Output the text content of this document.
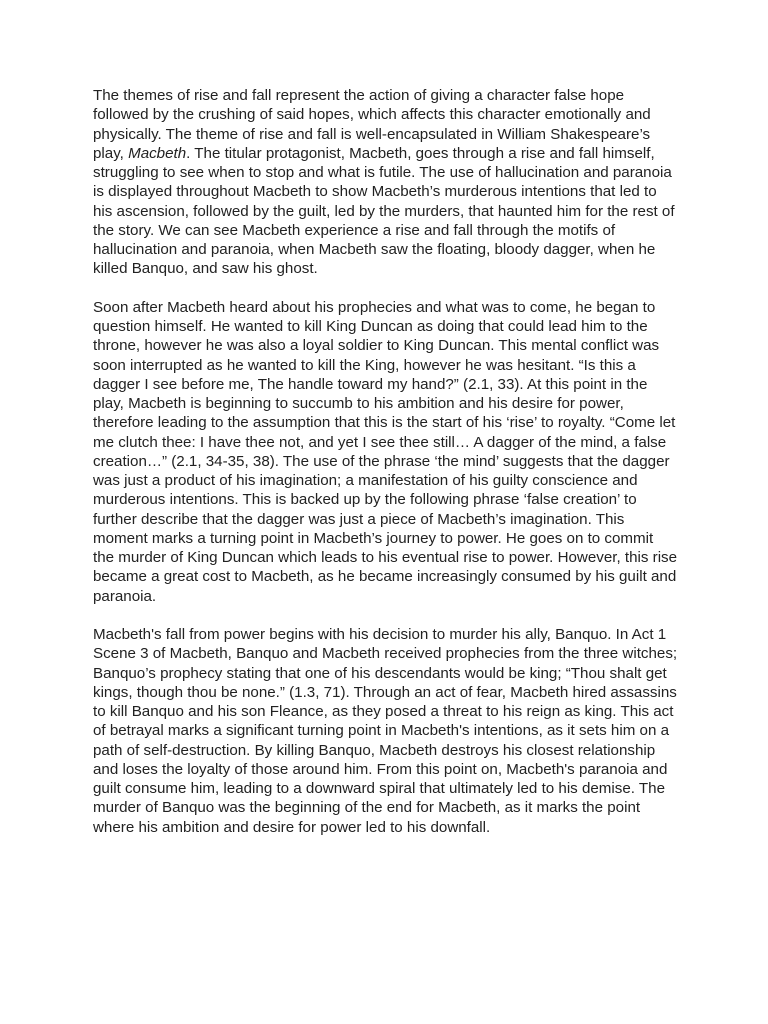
The themes of rise and fall represent the action of giving a character false hope followed by the crushing of said hopes, which affects this character emotionally and physically. The theme of rise and fall is well-encapsulated in William Shakespeare’s play, Macbeth. The titular protagonist, Macbeth, goes through a rise and fall himself, struggling to see when to stop and what is futile. The use of hallucination and paranoia is displayed throughout Macbeth to show Macbeth’s murderous intentions that led to his ascension, followed by the guilt, led by the murders, that haunted him for the rest of the story. We can see Macbeth experience a rise and fall through the motifs of hallucination and paranoia, when Macbeth saw the floating, bloody dagger, when he killed Banquo, and saw his ghost.

Soon after Macbeth heard about his prophecies and what was to come, he began to question himself. He wanted to kill King Duncan as doing that could lead him to the throne, however he was also a loyal soldier to King Duncan. This mental conflict was soon interrupted as he wanted to kill the King, however he was hesitant. “Is this a dagger I see before me, The handle toward my hand?” (2.1, 33). At this point in the play, Macbeth is beginning to succumb to his ambition and his desire for power, therefore leading to the assumption that this is the start of his ‘rise’ to royalty. “Come let me clutch thee: I have thee not, and yet I see thee still… A dagger of the mind, a false creation…” (2.1, 34-35, 38). The use of the phrase ‘the mind’ suggests that the dagger was just a product of his imagination; a manifestation of his guilty conscience and murderous intentions. This is backed up by the following phrase ‘false creation’ to further describe that the dagger was just a piece of Macbeth’s imagination. This moment marks a turning point in Macbeth’s journey to power. He goes on to commit the murder of King Duncan which leads to his eventual rise to power. However, this rise became a great cost to Macbeth, as he became increasingly consumed by his guilt and paranoia.

Macbeth's fall from power begins with his decision to murder his ally, Banquo. In Act 1 Scene 3 of Macbeth, Banquo and Macbeth received prophecies from the three witches; Banquo’s prophecy stating that one of his descendants would be king; “Thou shalt get kings, though thou be none.” (1.3, 71). Through an act of fear, Macbeth hired assassins to kill Banquo and his son Fleance, as they posed a threat to his reign as king. This act of betrayal marks a significant turning point in Macbeth's intentions, as it sets him on a path of self-destruction. By killing Banquo, Macbeth destroys his closest relationship and loses the loyalty of those around him. From this point on, Macbeth's paranoia and guilt consume him, leading to a downward spiral that ultimately led to his demise. The murder of Banquo was the beginning of the end for Macbeth, as it marks the point where his ambition and desire for power led to his downfall.
